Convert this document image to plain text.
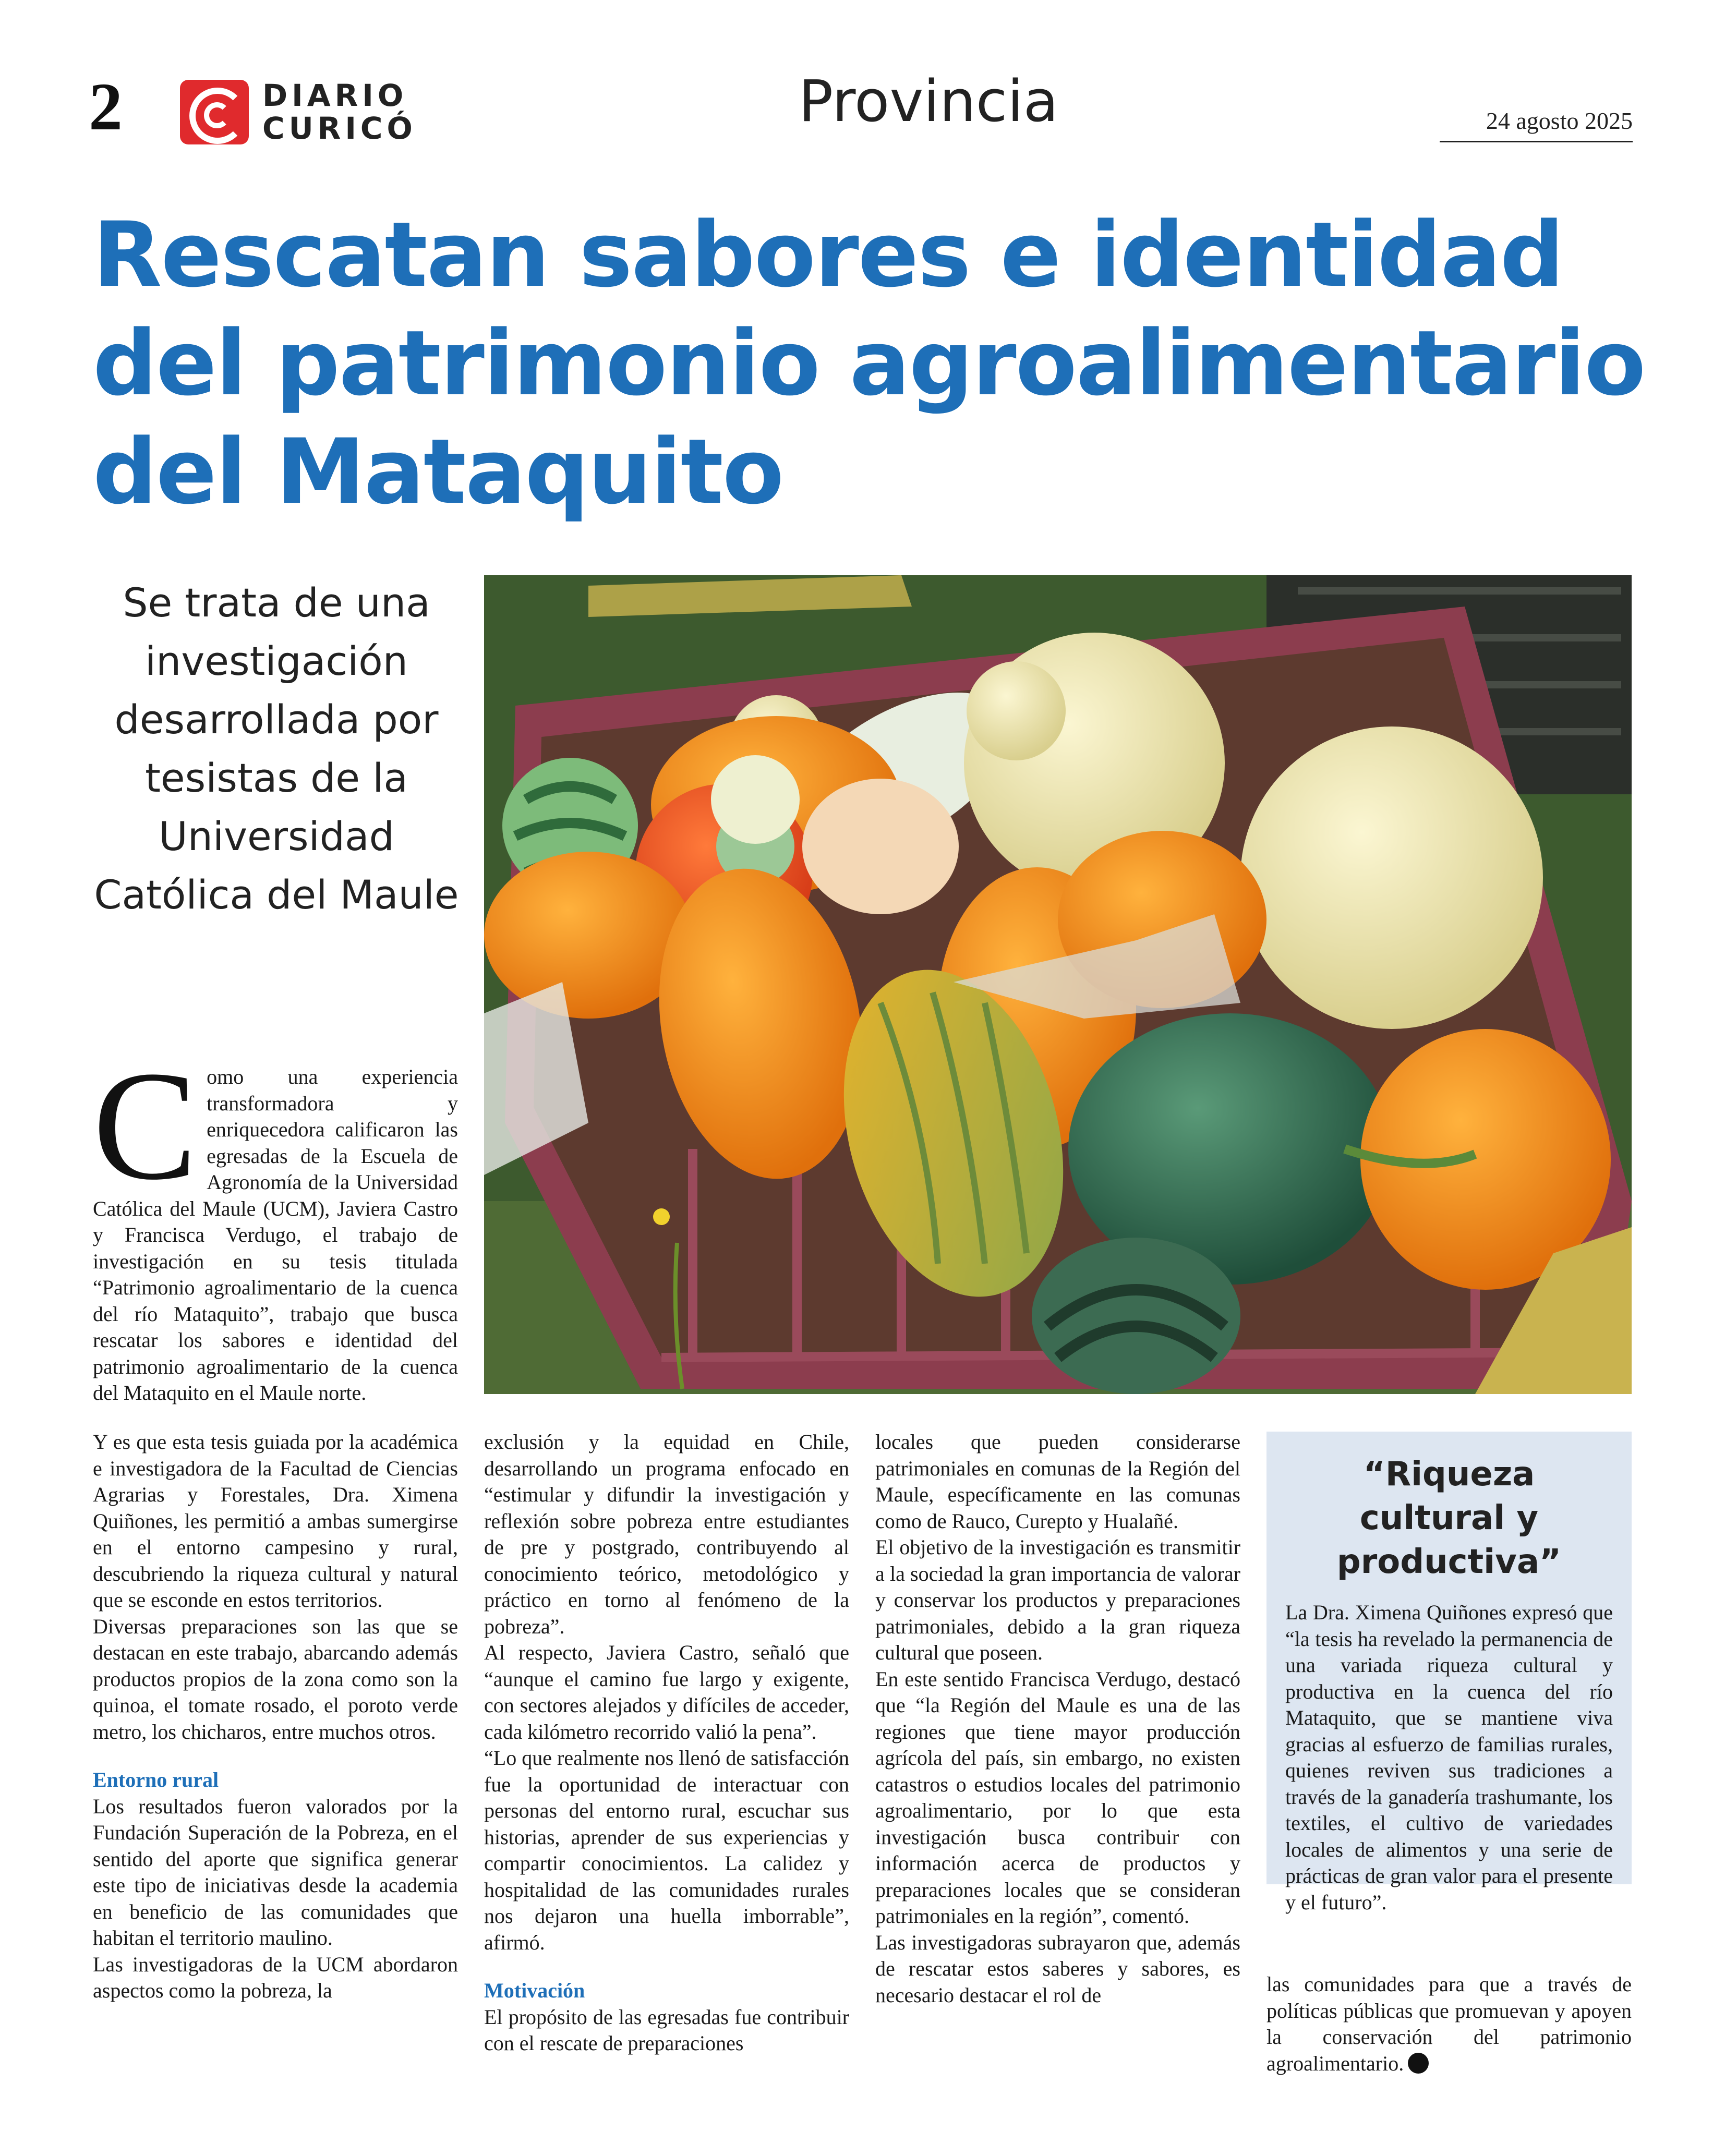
2	DIARIO
CURICÓ	Provincia	24 agosto 2025
Rescatan sabores e identidad
del patrimonio agroalimentario
del Mataquito
Se trata de una investigación desarrollada por tesistas de la Universidad Católica del Maule
C omo una experiencia transformadora y enriquecedora calificaron las egresadas de la Escuela de Agronomía de la Universidad Católica del Maule (UCM), Javiera Castro y Francisca Verdugo, el trabajo de investigación en su tesis titulada “Patrimonio agroalimentario de la cuenca del río Mataquito”, trabajo que busca rescatar los sabores e identidad del patrimonio agroalimentario de la cuenca del Mataquito en el Maule norte.

Y es que esta tesis guiada por la académica e investigadora de la Facultad de Ciencias Agrarias y Forestales, Dra. Ximena Quiñones, les permitió a ambas sumergirse en el entorno campesino y rural, descubriendo la riqueza cultural y natural que se esconde en estos territorios.

Diversas preparaciones son las que se destacan en este trabajo, abarcando además productos propios de la zona como son la quinoa, el tomate rosado, el poroto verde metro, los chicharos, entre muchos otros.

Entorno rural

Los resultados fueron valorados por la Fundación Superación de la Pobreza, en el sentido del aporte que significa generar este tipo de iniciativas desde la academia en beneficio de las comunidades que habitan el territorio maulino.

Las investigadoras de la UCM abordaron aspectos como la pobreza, la

exclusión y la equidad en Chile, desarrollando un programa enfocado en “estimular y difundir la investigación y reflexión sobre pobreza entre estudiantes de pre y postgrado, contribuyendo al conocimiento teórico, metodológico y práctico en torno al fenómeno de la pobreza”.

Al respecto, Javiera Castro, señaló que “aunque el camino fue largo y exigente, con sectores alejados y difíciles de acceder, cada kilómetro recorrido valió la pena”.

“Lo que realmente nos llenó de satisfacción fue la oportunidad de interactuar con personas del entorno rural, escuchar sus historias, aprender de sus experiencias y compartir conocimientos. La calidez y hospitalidad de las comunidades rurales nos dejaron una huella imborrable”, afirmó.

Motivación

El propósito de las egresadas fue contribuir con el rescate de preparaciones

locales que pueden considerarse patrimoniales en comunas de la Región del Maule, específicamente en las comunas como de Rauco, Curepto y Hualañé.

El objetivo de la investigación es transmitir a la sociedad la gran importancia de valorar y conservar los productos y preparaciones patrimoniales, debido a la gran riqueza cultural que poseen.

En este sentido Francisca Verdugo, destacó que “la Región del Maule es una de las regiones que tiene mayor producción agrícola del país, sin embargo, no existen catastros o estudios locales del patrimonio agroalimentario, por lo que esta investigación busca contribuir con información acerca de productos y preparaciones locales que se consideran patrimoniales en la región”, comentó.

Las investigadoras subrayaron que, además de rescatar estos saberes y sabores, es necesario destacar el rol de

“Riqueza cultural y productiva”
La Dra. Ximena Quiñones expresó que “la tesis ha revelado la permanencia de una variada riqueza cultural y productiva en la cuenca del río Mataquito, que se mantiene viva gracias al esfuerzo de familias rurales, quienes reviven sus tradiciones a través de la ganadería trashumante, los textiles, el cultivo de variedades locales de alimentos y una serie de prácticas de gran valor para el presente y el futuro”.

las comunidades para que a través de políticas públicas que promuevan y apoyen la conservación del patrimonio agroalimentario.
